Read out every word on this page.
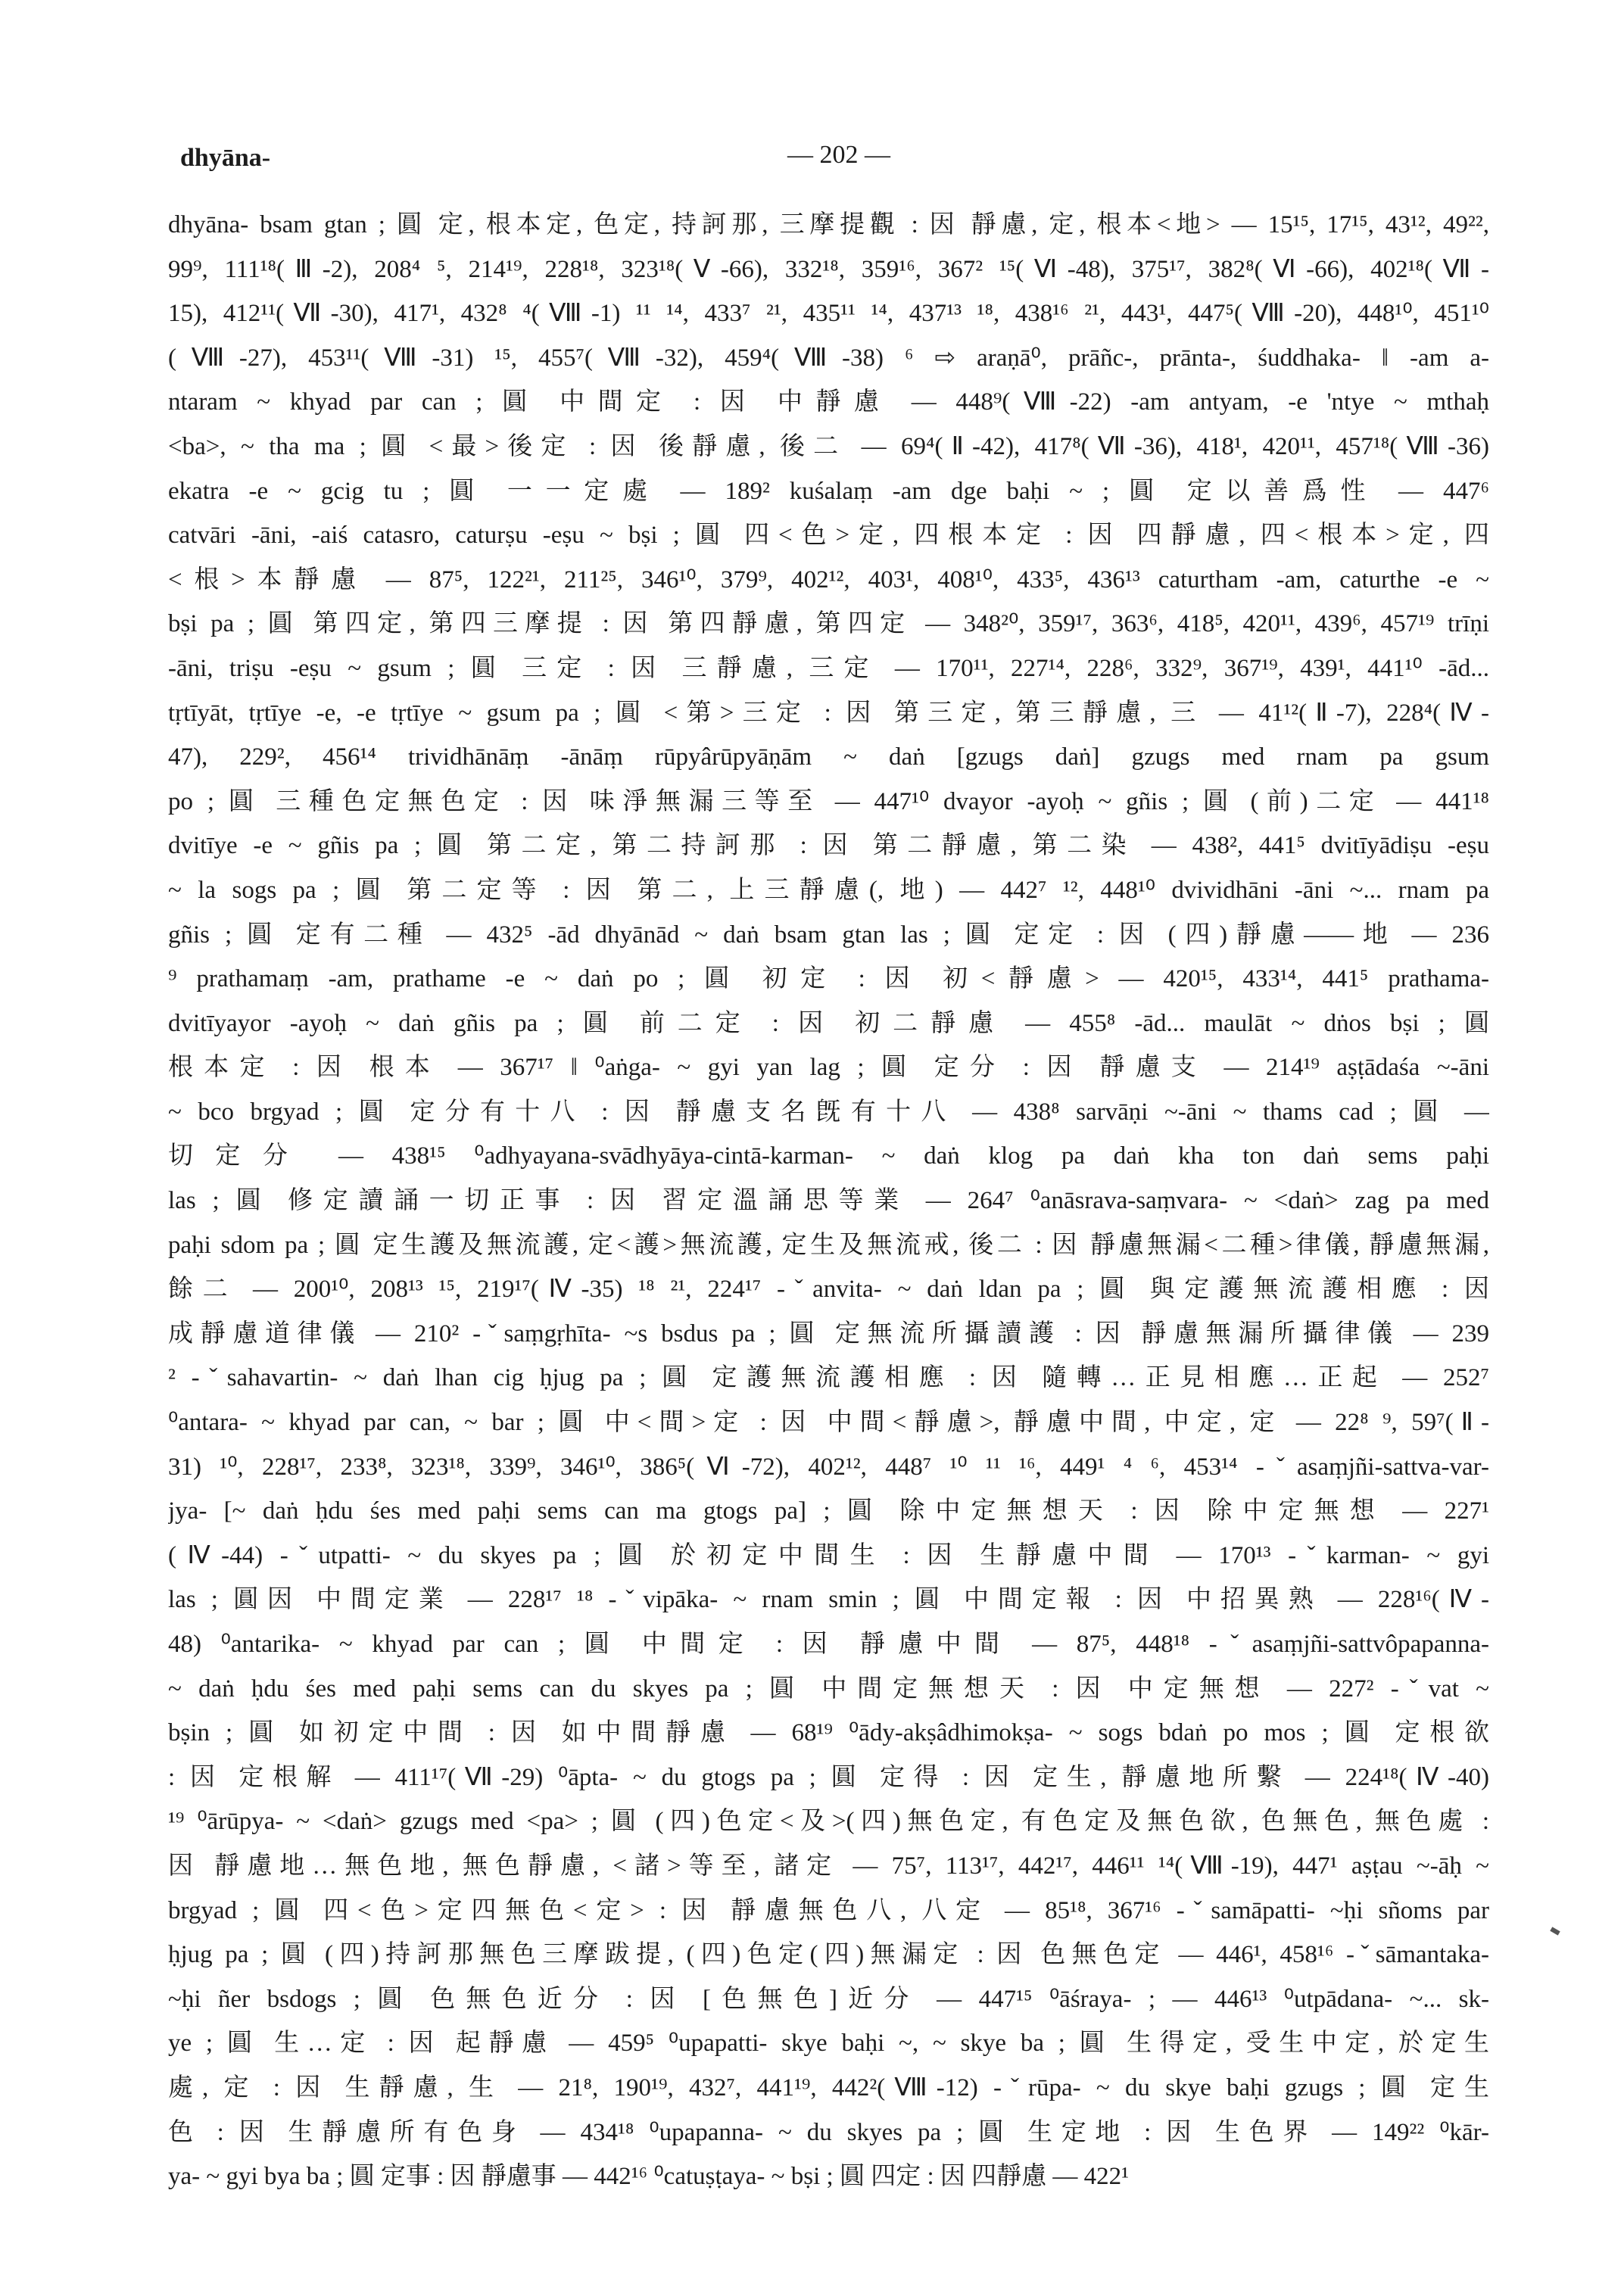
dhyāna-	— 202 —
dhyāna- bsam gtan ; 圓 定, 根本定, 色定, 持訶那, 三摩提觀 : 因 靜慮, 定, 根本<地> — 15¹⁵, 17¹⁵, 43¹², 49²²,
99⁹, 111¹⁸(Ⅲ-2), 208⁴ ⁵, 214¹⁹, 228¹⁸, 323¹⁸(Ⅴ-66), 332¹⁸, 359¹⁶, 367² ¹⁵(Ⅵ-48), 375¹⁷, 382⁸(Ⅵ-66), 402¹⁸(Ⅶ-
15), 412¹¹(Ⅶ-30), 417¹, 432⁸ ⁴(Ⅷ-1) ¹¹ ¹⁴, 433⁷ ²¹, 435¹¹ ¹⁴, 437¹³ ¹⁸, 438¹⁶ ²¹, 443¹, 447⁵(Ⅷ-20), 448¹⁰, 451¹⁰
(Ⅷ-27), 453¹¹(Ⅷ-31) ¹⁵, 455⁷(Ⅷ-32), 459⁴(Ⅷ-38) ⁶ ⇨ araṇā⁰, prāñc-, prānta-, śuddhaka- ‖ -am a-
ntaram ~ khyad par can ; 圓 中間定 : 因 中靜慮 — 448⁹(Ⅷ-22) -am antyam, -e 'ntye ~ mthaḥ
<ba>, ~ tha ma ; 圓 <最>後定 : 因 後靜慮, 後二 — 69⁴(Ⅱ-42), 417⁸(Ⅶ-36), 418¹, 420¹¹, 457¹⁸(Ⅷ-36)
ekatra -e ~ gcig tu ; 圓 一一定處 — 189² kuśalaṃ -am dge baḥi ~ ; 圓 定以善爲性 — 447⁶
catvāri -āni, -aiś catasro, caturṣu -eṣu ~ bṣi ; 圓 四<色>定, 四根本定 : 因 四靜慮, 四<根本>定, 四
<根>本靜慮 — 87⁵, 122²¹, 211²⁵, 346¹⁰, 379⁹, 402¹², 403¹, 408¹⁰, 433⁵, 436¹³ caturtham -am, caturthe -e ~
bṣi pa ; 圓 第四定, 第四三摩提 : 因 第四靜慮, 第四定 — 348²⁰, 359¹⁷, 363⁶, 418⁵, 420¹¹, 439⁶, 457¹⁹ trīṇi
-āni, triṣu -eṣu ~ gsum ; 圓 三定 : 因 三靜慮, 三定 — 170¹¹, 227¹⁴, 228⁶, 332⁹, 367¹⁹, 439¹, 441¹⁰ -ād...
tṛtīyāt, tṛtīye -e, -e tṛtīye ~ gsum pa ; 圓 <第>三定 : 因 第三定, 第三靜慮, 三 — 41¹²(Ⅱ-7), 228⁴(Ⅳ-
47), 229², 456¹⁴ trividhānāṃ -ānāṃ rūpyârūpyāṇām ~ daṅ [gzugs daṅ] gzugs med rnam pa gsum
po ; 圓 三種色定無色定 : 因 味淨無漏三等至 — 447¹⁰ dvayor -ayoḥ ~ gñis ; 圓 (前)二定 — 441¹⁸
dvitīye -e ~ gñis pa ; 圓 第二定, 第二持訶那 : 因 第二靜慮, 第二染 — 438², 441⁵ dvitīyādiṣu -eṣu
~ la sogs pa ; 圓 第二定等 : 因 第二, 上三靜慮(, 地) — 442⁷ ¹², 448¹⁰ dvividhāni -āni ~... rnam pa
gñis ; 圓 定有二種 — 432⁵ -ād dhyānād ~ daṅ bsam gtan las ; 圓 定定 : 因 (四)靜慮——地 — 236
⁹ prathamaṃ -am, prathame -e ~ daṅ po ; 圓 初定 : 因 初<靜慮> — 420¹⁵, 433¹⁴, 441⁵ prathama-
dvitīyayor -ayoḥ ~ daṅ gñis pa ; 圓 前二定 : 因 初二靜慮 — 455⁸ -ād... maulāt ~ dṅos bṣi ; 圓
根本定 : 因 根本 — 367¹⁷ ‖ ⁰aṅga- ~ gyi yan lag ; 圓 定分 : 因 靜慮支 — 214¹⁹ aṣṭādaśa ~-āni
~ bco brgyad ; 圓 定分有十八 : 因 靜慮支名旣有十八 — 438⁸ sarvāṇi ~-āni ~ thams cad ; 圓 —
切定分 — 438¹⁵ ⁰adhyayana-svādhyāya-cintā-karman- ~ daṅ klog pa daṅ kha ton daṅ sems paḥi
las ; 圓 修定讀誦一切正事 : 因 習定溫誦思等業 — 264⁷ ⁰anāsrava-saṃvara- ~ <daṅ> zag pa med
paḥi sdom pa ; 圓 定生護及無流護, 定<護>無流護, 定生及無流戒, 後二 : 因 靜慮無漏<二種>律儀, 靜慮無漏,
餘二 — 200¹⁰, 208¹³ ¹⁵, 219¹⁷(Ⅳ-35) ¹⁸ ²¹, 224¹⁷ -ˇanvita- ~ daṅ ldan pa ; 圓 與定護無流護相應 : 因
成靜慮道律儀 — 210² -ˇsaṃgṛhīta- ~s bsdus pa ; 圓 定無流所攝讀護 : 因 靜慮無漏所攝律儀 — 239
² -ˇsahavartin- ~ daṅ lhan cig ḥjug pa ; 圓 定護無流護相應 : 因 隨轉…正見相應…正起 — 252⁷
⁰antara- ~ khyad par can, ~ bar ; 圓 中<間>定 : 因 中間<靜慮>, 靜慮中間, 中定, 定 — 22⁸ ⁹, 59⁷(Ⅱ-
31) ¹⁰, 228¹⁷, 233⁸, 323¹⁸, 339⁹, 346¹⁰, 386⁵(Ⅵ-72), 402¹², 448⁷ ¹⁰ ¹¹ ¹⁶, 449¹ ⁴ ⁶, 453¹⁴ -ˇasaṃjñi-sattva-var-
jya- [~ daṅ ḥdu śes med paḥi sems can ma gtogs pa] ; 圓 除中定無想天 : 因 除中定無想 — 227¹
(Ⅳ-44) -ˇutpatti- ~ du skyes pa ; 圓 於初定中間生 : 因 生靜慮中間 — 170¹³ -ˇkarman- ~ gyi
las ; 圓因 中間定業 — 228¹⁷ ¹⁸ -ˇvipāka- ~ rnam smin ; 圓 中間定報 : 因 中招異熟 — 228¹⁶(Ⅳ-
48) ⁰antarika- ~ khyad par can ; 圓 中間定 : 因 靜慮中間 — 87⁵, 448¹⁸ -ˇasaṃjñi-sattvôpapanna-
~ daṅ ḥdu śes med paḥi sems can du skyes pa ; 圓 中間定無想天 : 因 中定無想 — 227² -ˇvat ~
bṣin ; 圓 如初定中間 : 因 如中間靜慮 — 68¹⁹ ⁰ādy-akṣâdhimokṣa- ~ sogs bdaṅ po mos ; 圓 定根欲
: 因 定根解 — 411¹⁷(Ⅶ-29) ⁰āpta- ~ du gtogs pa ; 圓 定得 : 因 定生, 靜慮地所繫 — 224¹⁸(Ⅳ-40)
¹⁹ ⁰ārūpya- ~ <daṅ> gzugs med <pa> ; 圓 (四)色定<及>(四)無色定, 有色定及無色欲, 色無色, 無色處 :
因 靜慮地…無色地, 無色靜慮, <諸>等至, 諸定 — 75⁷, 113¹⁷, 442¹⁷, 446¹¹ ¹⁴(Ⅷ-19), 447¹ aṣṭau ~-āḥ ~
brgyad ; 圓 四<色>定四無色<定> : 因 靜慮無色八, 八定 — 85¹⁸, 367¹⁶ -ˇsamāpatti- ~ḥi sñoms par
ḥjug pa ; 圓 (四)持訶那無色三摩跋提, (四)色定(四)無漏定 : 因 色無色定 — 446¹, 458¹⁶ -ˇsāmantaka-
~ḥi ñer bsdogs ; 圓 色無色近分 : 因 [色無色]近分 — 447¹⁵ ⁰āśraya- ; — 446¹³ ⁰utpādana- ~... sk-
ye ; 圓 生…定 : 因 起靜慮 — 459⁵ ⁰upapatti- skye baḥi ~, ~ skye ba ; 圓 生得定, 受生中定, 於定生
處, 定 : 因 生靜慮, 生 — 21⁸, 190¹⁹, 432⁷, 441¹⁹, 442²(Ⅷ-12) -ˇrūpa- ~ du skye baḥi gzugs ; 圓 定生
色 : 因 生靜慮所有色身 — 434¹⁸ ⁰upapanna- ~ du skyes pa ; 圓 生定地 : 因 生色界 — 149²² ⁰kār-
ya- ~ gyi bya ba ; 圓 定事 : 因 靜慮事 — 442¹⁶ ⁰catuṣṭaya- ~ bṣi ; 圓 四定 : 因 四靜慮 — 422¹
